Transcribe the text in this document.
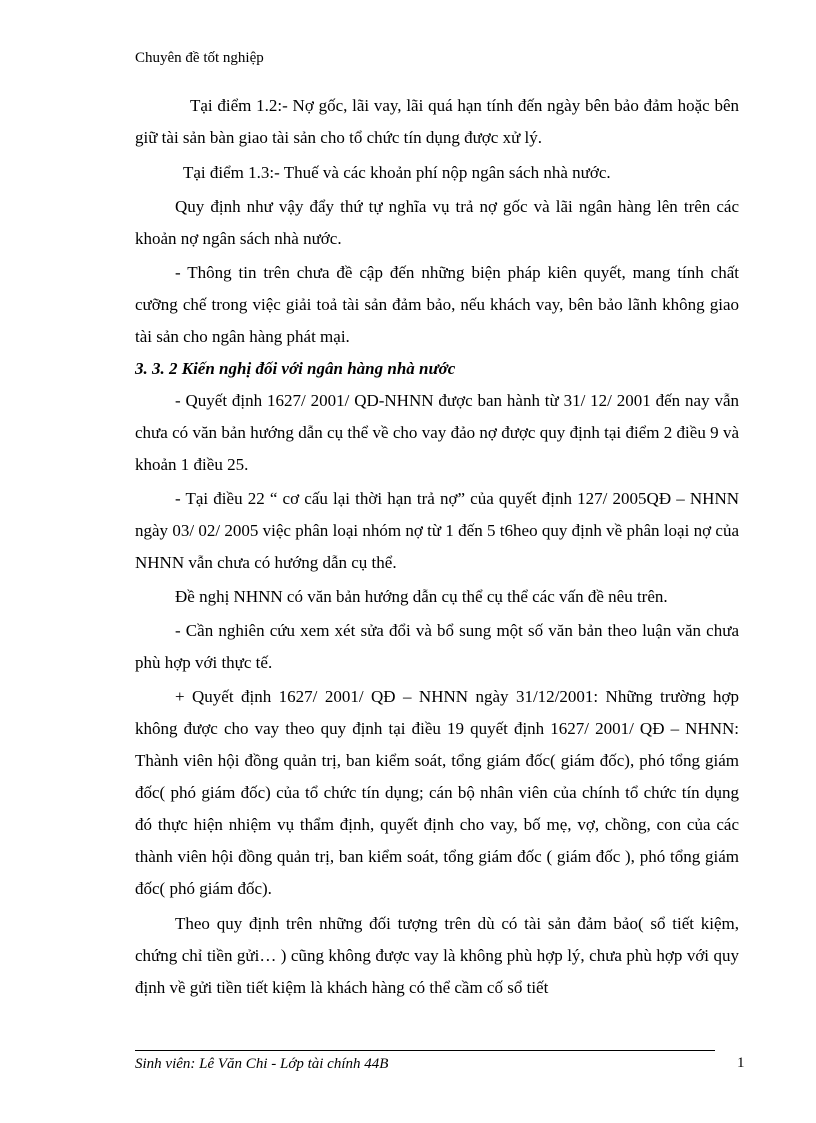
Chuyên đề tốt nghiệp

Tại điểm 1.2:- Nợ gốc, lãi vay, lãi quá hạn tính đến ngày bên bảo đảm hoặc bên giữ tài sản bàn giao tài sản cho tổ chức tín dụng được xử lý.

Tại điểm 1.3:- Thuế và các khoản phí nộp ngân sách nhà nước.

Quy định như vậy đẩy thứ tự nghĩa vụ trả nợ gốc và lãi ngân hàng lên trên các khoản nợ ngân sách nhà nước.

- Thông tin trên chưa đề cập đến những biện pháp kiên quyết, mang tính chất cưỡng chế trong việc giải toả tài sản đảm bảo, nếu khách vay, bên bảo lãnh không giao tài sản cho ngân hàng phát mại.

3. 3. 2 Kiến nghị đối với ngân hàng nhà nước

- Quyết định 1627/ 2001/ QD-NHNN được ban hành từ 31/ 12/ 2001 đến nay vẫn chưa có văn bản hướng dẫn cụ thể về cho vay đảo nợ được quy định tại điểm 2 điều 9 và khoản 1 điều 25.

- Tại điều 22 “ cơ cấu lại thời hạn trả nợ” của quyết định 127/ 2005QĐ – NHNN ngày 03/ 02/ 2005 việc phân loại nhóm nợ từ 1 đến 5 t6heo quy định về phân loại nợ của NHNN vẫn chưa có hướng dẫn cụ thể.

Đề nghị NHNN có văn bản hướng dẫn cụ thể cụ thể các vấn đề nêu trên.

- Cần nghiên cứu xem xét sửa đổi và bổ sung một số văn bản theo luận văn chưa phù hợp với thực tế.

+ Quyết định 1627/ 2001/ QĐ – NHNN ngày 31/12/2001: Những trường hợp không được cho vay theo quy định tại điều 19 quyết định 1627/ 2001/ QĐ – NHNN: Thành viên hội đồng quản trị, ban kiểm soát, tổng giám đốc( giám đốc), phó tổng giám đốc( phó giám đốc) của tổ chức tín dụng; cán bộ nhân viên của chính tổ chức tín dụng đó thực hiện nhiệm vụ thẩm định, quyết định cho vay, bố mẹ, vợ, chồng, con của các thành viên hội đồng quản trị, ban kiểm soát, tổng giám đốc ( giám đốc ), phó tổng giám đốc( phó giám đốc).

Theo quy định trên những đối tượng trên dù có tài sản đảm bảo( sổ tiết kiệm, chứng chỉ tiền gửi… ) cũng không được vay là không phù hợp lý, chưa phù hợp với quy định về gửi tiền tiết kiệm là khách hàng có thể cầm cố sổ tiết

Sinh viên: Lê Văn Chi - Lớp tài chính 44B	1
